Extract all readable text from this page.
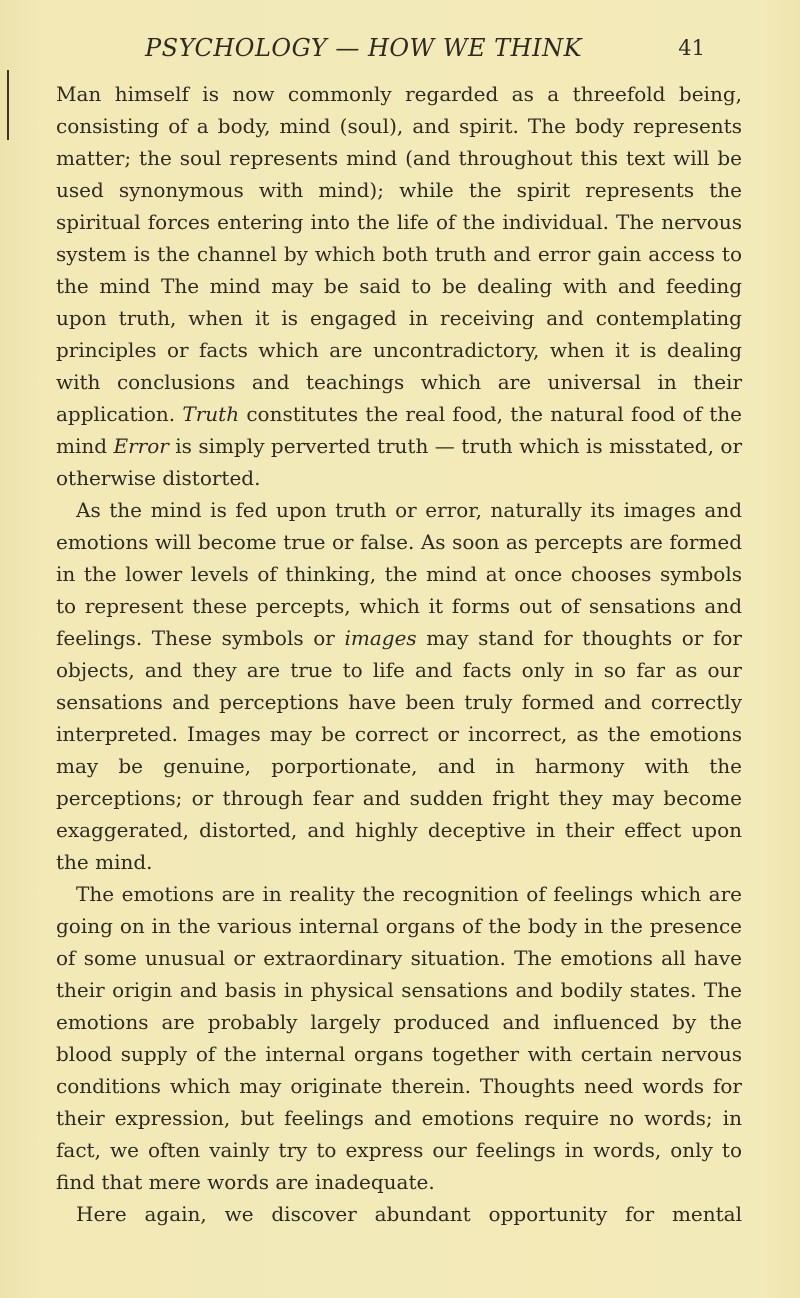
PSYCHOLOGY — HOW WE THINK	41

Man himself is now commonly regarded as a threefold being, consisting of a body, mind (soul), and spirit. The body represents matter; the soul represents mind (and throughout this text will be used synonymous with mind); while the spirit represents the spiritual forces entering into the life of the individual. The nervous system is the channel by which both truth and error gain access to the mind The mind may be said to be dealing with and feeding upon truth, when it is engaged in receiving and contemplating principles or facts which are uncontradictory, when it is dealing with conclusions and teachings which are universal in their application. Truth constitutes the real food, the natural food of the mind Error is simply perverted truth — truth which is misstated, or otherwise distorted.

As the mind is fed upon truth or error, naturally its images and emotions will become true or false. As soon as percepts are formed in the lower levels of thinking, the mind at once chooses symbols to represent these percepts, which it forms out of sensations and feelings. These symbols or images may stand for thoughts or for objects, and they are true to life and facts only in so far as our sensations and perceptions have been truly formed and correctly interpreted. Images may be correct or incorrect, as the emotions may be genuine, porportionate, and in harmony with the perceptions; or through fear and sudden fright they may become exaggerated, distorted, and highly deceptive in their effect upon the mind.

The emotions are in reality the recognition of feelings which are going on in the various internal organs of the body in the presence of some unusual or extraordinary situation. The emotions all have their origin and basis in physical sensations and bodily states. The emotions are probably largely produced and influenced by the blood supply of the internal organs together with certain nervous conditions which may originate therein. Thoughts need words for their expression, but feelings and emotions require no words; in fact, we often vainly try to express our feelings in words, only to find that mere words are inadequate.

Here again, we discover abundant opportunity for mental
